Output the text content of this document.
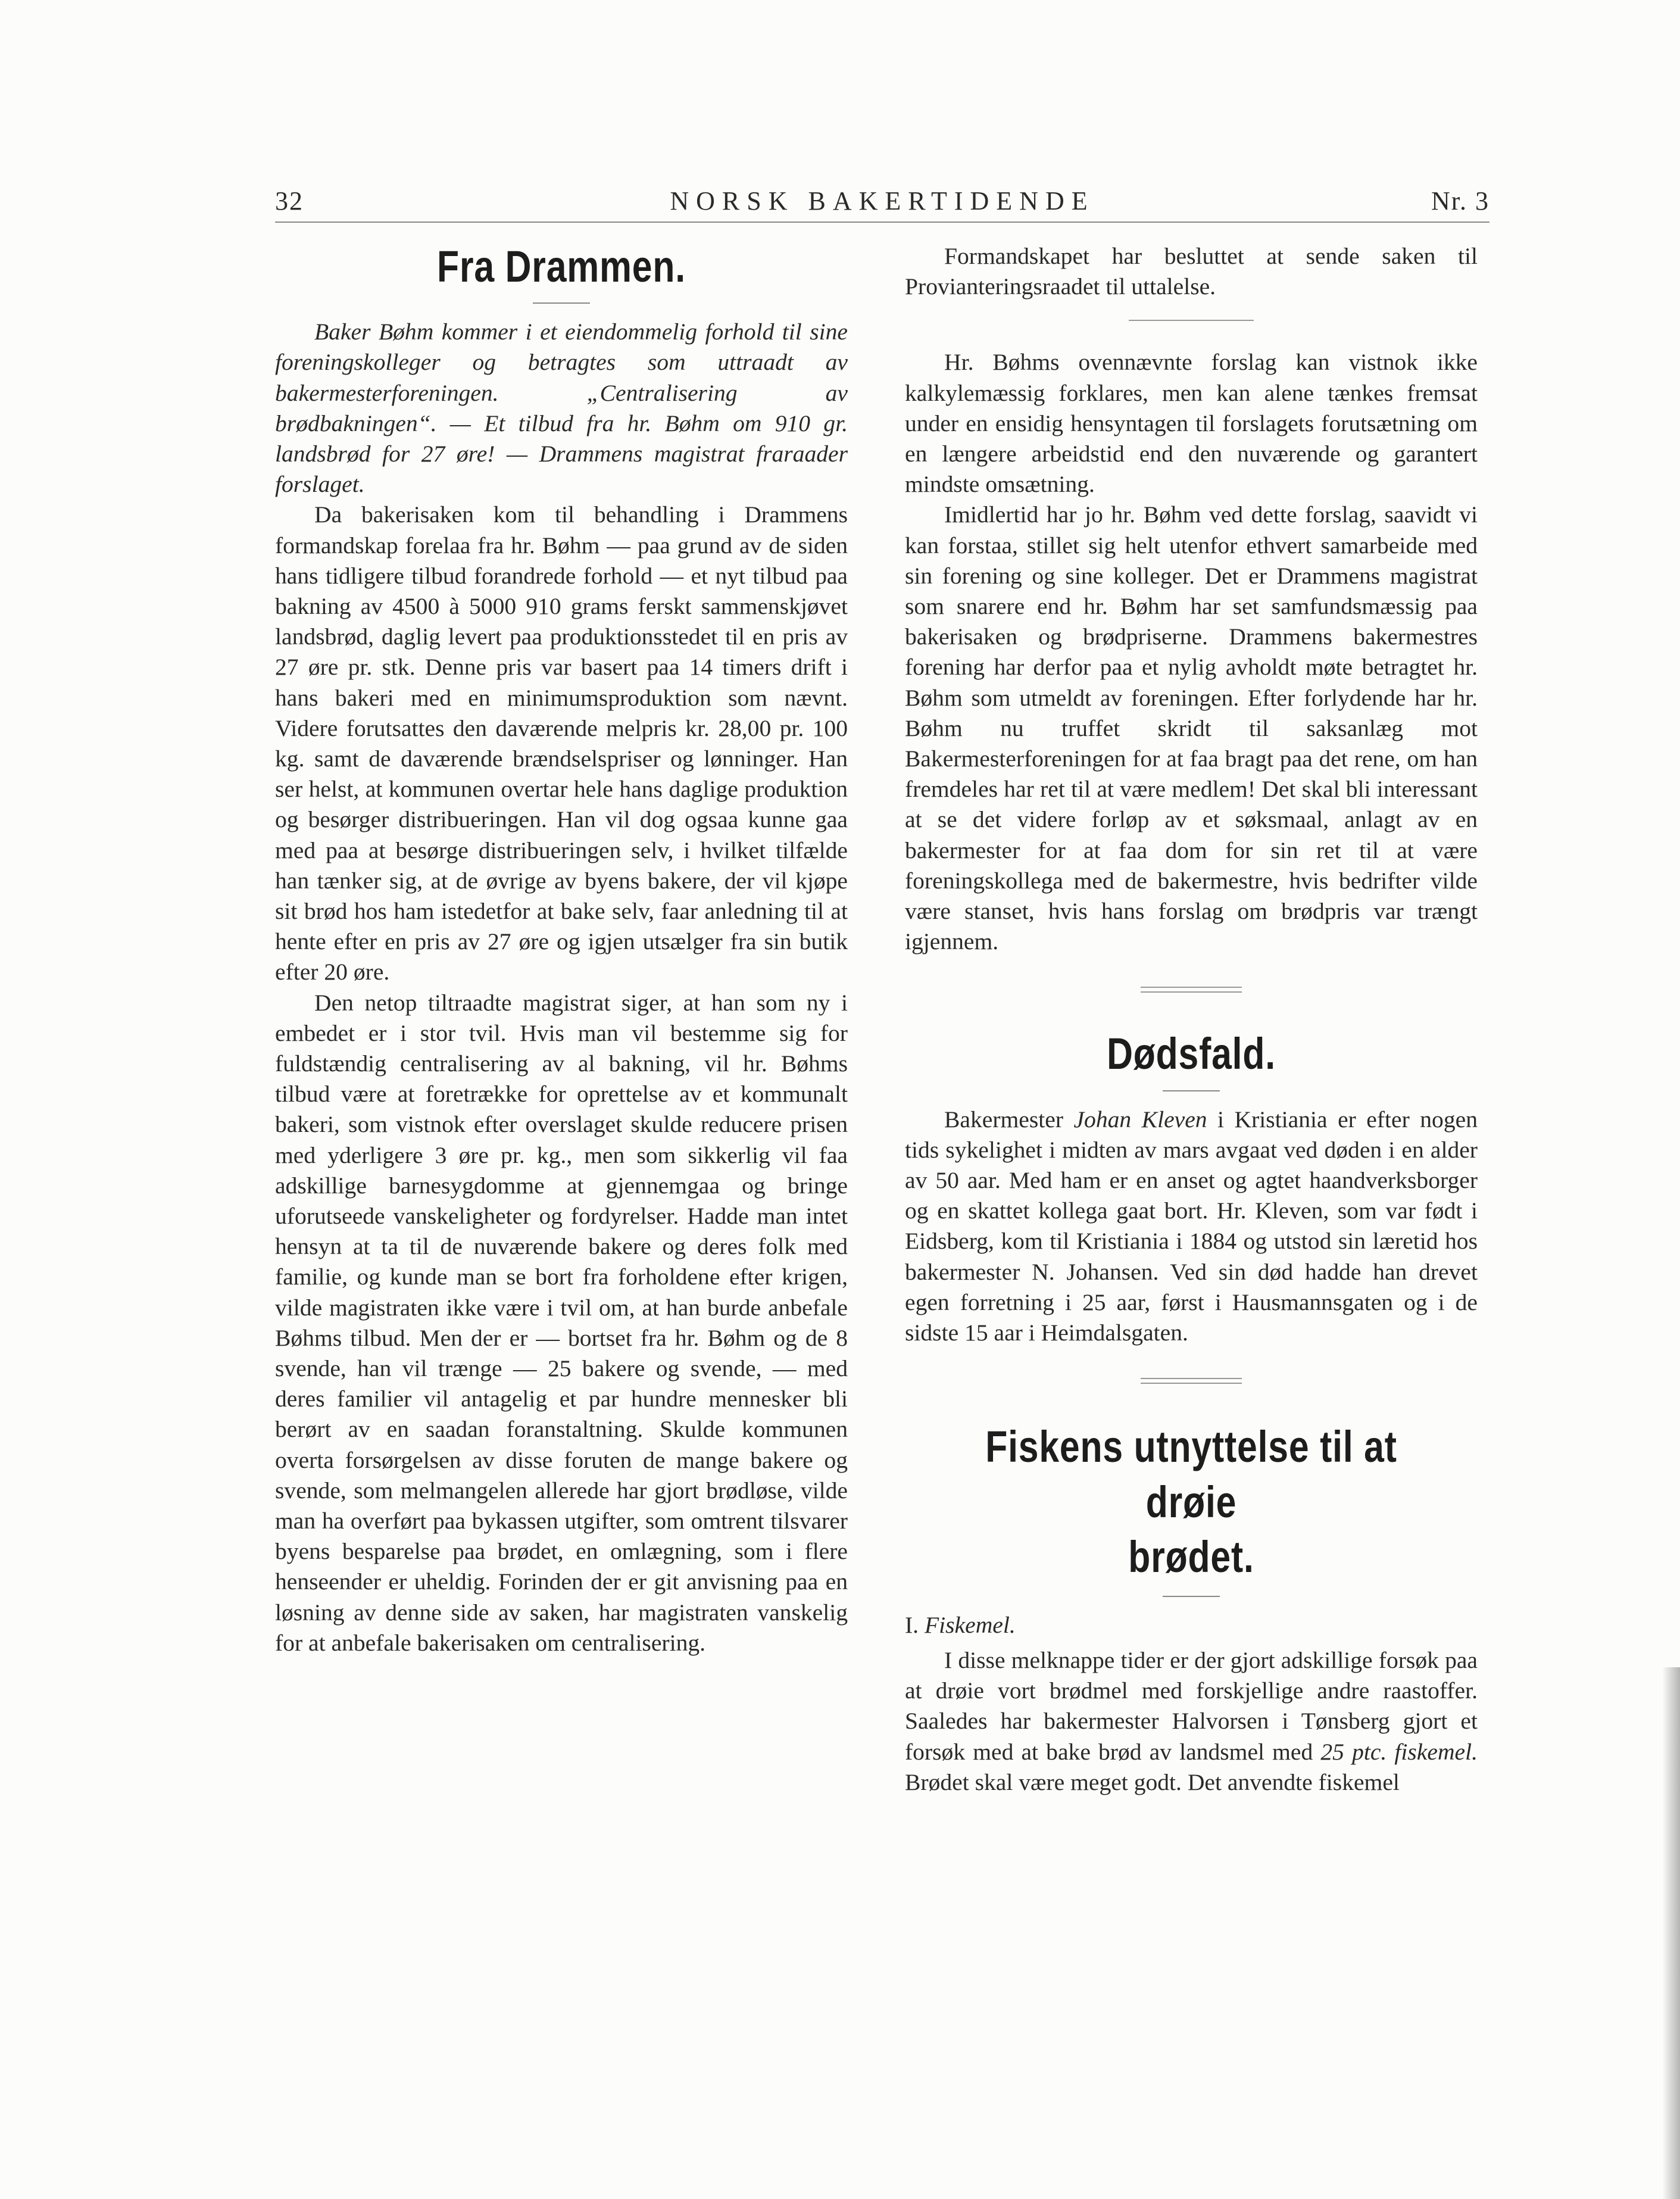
32	NORSK BAKERTIDENDE	Nr. 3
Fra Drammen.

Baker Bøhm kommer i et eiendommelig forhold til sine foreningskolleger og betragtes som uttraadt av bakermesterforeningen. „Centralisering av brødbakningen“. — Et tilbud fra hr. Bøhm om 910 gr. landsbrød for 27 øre! — Drammens magistrat fraraader forslaget.

Da bakerisaken kom til behandling i Drammens formandskap forelaa fra hr. Bøhm — paa grund av de siden hans tidligere tilbud forandrede forhold — et nyt tilbud paa bakning av 4500 à 5000 910 grams ferskt sammenskjøvet landsbrød, daglig levert paa produktionsstedet til en pris av 27 øre pr. stk. Denne pris var basert paa 14 timers drift i hans bakeri med en minimumsproduktion som nævnt. Videre forutsattes den daværende melpris kr. 28,00 pr. 100 kg. samt de daværende brændselspriser og lønninger. Han ser helst, at kommunen overtar hele hans daglige produktion og besørger distribueringen. Han vil dog ogsaa kunne gaa med paa at besørge distribueringen selv, i hvilket tilfælde han tænker sig, at de øvrige av byens bakere, der vil kjøpe sit brød hos ham istedetfor at bake selv, faar anledning til at hente efter en pris av 27 øre og igjen utsælger fra sin butik efter 20 øre.

Den netop tiltraadte magistrat siger, at han som ny i embedet er i stor tvil. Hvis man vil bestemme sig for fuldstændig centralisering av al bakning, vil hr. Bøhms tilbud være at foretrække for oprettelse av et kommunalt bakeri, som vistnok efter overslaget skulde reducere prisen med yderligere 3 øre pr. kg., men som sikkerlig vil faa adskillige barnesygdomme at gjennemgaa og bringe uforutseede vanskeligheter og fordyrelser. Hadde man intet hensyn at ta til de nuværende bakere og deres folk med familie, og kunde man se bort fra forholdene efter krigen, vilde magistraten ikke være i tvil om, at han burde anbefale Bøhms tilbud. Men der er — bortset fra hr. Bøhm og de 8 svende, han vil trænge — 25 bakere og svende, — med deres familier vil antagelig et par hundre mennesker bli berørt av en saadan foranstaltning. Skulde kommunen overta forsørgelsen av disse foruten de mange bakere og svende, som melmangelen allerede har gjort brødløse, vilde man ha overført paa bykassen utgifter, som omtrent tilsvarer byens besparelse paa brødet, en omlægning, som i flere henseender er uheldig. Forinden der er git anvisning paa en løsning av denne side av saken, har magistraten vanskelig for at anbefale bakerisaken om centralisering.

Formandskapet har besluttet at sende saken til Provianteringsraadet til uttalelse.

Hr. Bøhms ovennævnte forslag kan vistnok ikke kalkylemæssig forklares, men kan alene tænkes fremsat under en ensidig hensyntagen til forslagets forutsætning om en længere arbeidstid end den nuværende og garantert mindste omsætning.

Imidlertid har jo hr. Bøhm ved dette forslag, saavidt vi kan forstaa, stillet sig helt utenfor ethvert samarbeide med sin forening og sine kolleger. Det er Drammens magistrat som snarere end hr. Bøhm har set samfundsmæssig paa bakerisaken og brødpriserne. Drammens bakermestres forening har derfor paa et nylig avholdt møte betragtet hr. Bøhm som utmeldt av foreningen. Efter forlydende har hr. Bøhm nu truffet skridt til saksanlæg mot Bakermesterforeningen for at faa bragt paa det rene, om han fremdeles har ret til at være medlem! Det skal bli interessant at se det videre forløp av et søksmaal, anlagt av en bakermester for at faa dom for sin ret til at være foreningskollega med de bakermestre, hvis bedrifter vilde være stanset, hvis hans forslag om brødpris var trængt igjennem.

Dødsfald.

Bakermester Johan Kleven i Kristiania er efter nogen tids sykelighet i midten av mars avgaat ved døden i en alder av 50 aar. Med ham er en anset og agtet haandverksborger og en skattet kollega gaat bort. Hr. Kleven, som var født i Eidsberg, kom til Kristiania i 1884 og utstod sin læretid hos bakermester N. Johansen. Ved sin død hadde han drevet egen forretning i 25 aar, først i Hausmannsgaten og i de sidste 15 aar i Heimdalsgaten.

Fiskens utnyttelse til at drøie
brødet.

I. Fiskemel.

I disse melknappe tider er der gjort adskillige forsøk paa at drøie vort brødmel med forskjellige andre raastoffer. Saaledes har bakermester Halvorsen i Tønsberg gjort et forsøk med at bake brød av landsmel med 25 ptc. fiskemel. Brødet skal være meget godt. Det anvendte fiskemel
